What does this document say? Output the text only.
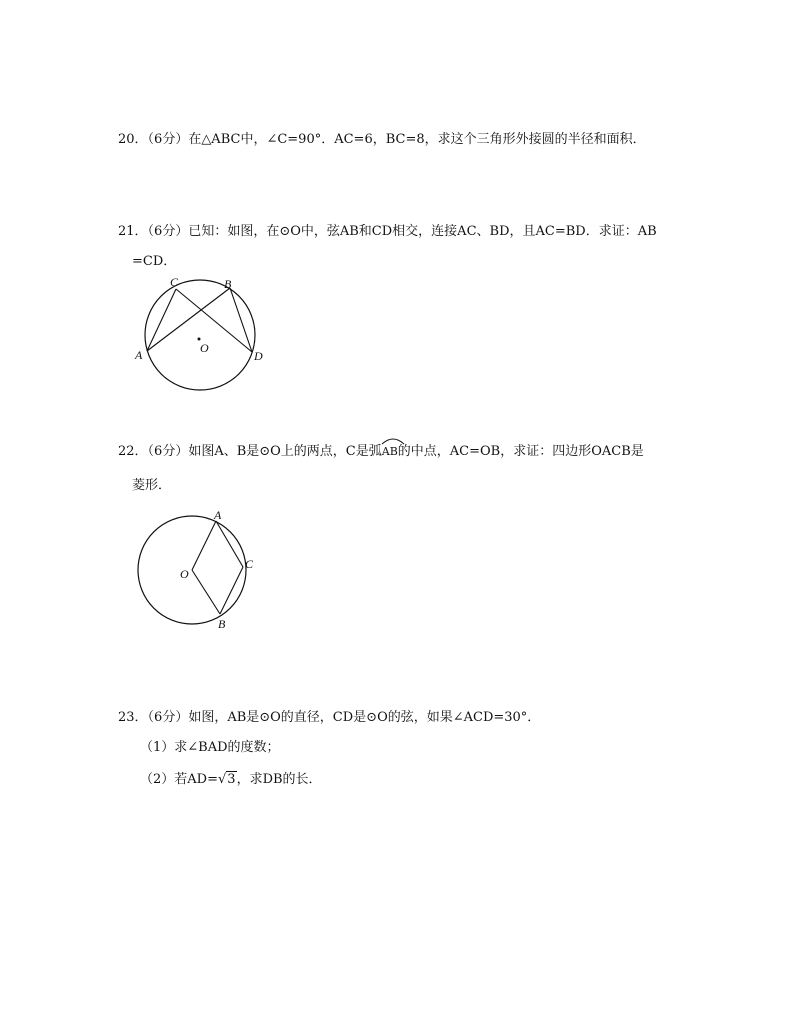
20．（6分）在△ABC中，∠C=90°．AC=6，BC=8，求这个三角形外接圆的半径和面积．
21．（6分）已知：如图，在⊙O中，弦AB和CD相交，连接AC、BD，且AC=BD．求证：AB
=CD．
C	B
A	D
O
22．（6分）如图A、B是⊙O上的两点，C是弧
AB的中点，AC=OB，求证：四边形OACB是
菱形．
A
C
O
B
23．（6分）如图，AB是⊙O的直径，CD是⊙O的弦，如果∠ACD=30°．
（1）求∠BAD的度数；
（2）若AD=√3，求DB的长．
